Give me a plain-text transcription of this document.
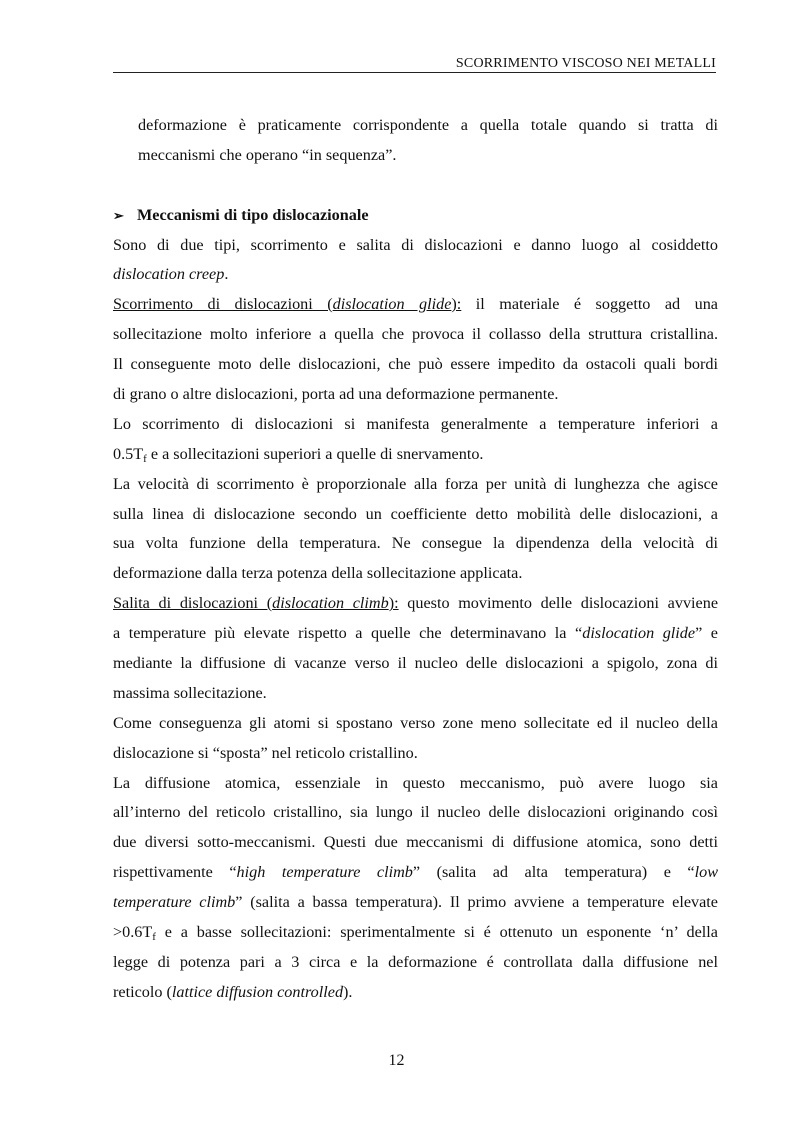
SCORRIMENTO VISCOSO NEI METALLI
deformazione è praticamente corrispondente a quella totale quando si tratta di
meccanismi che operano “in sequenza”.
➢ Meccanismi di tipo dislocazionale
Sono di due tipi, scorrimento e salita di dislocazioni e danno luogo al cosiddetto
dislocation creep.
Scorrimento di dislocazioni (dislocation glide): il materiale é soggetto ad una
sollecitazione molto inferiore a quella che provoca il collasso della struttura cristallina.
Il conseguente moto delle dislocazioni, che può essere impedito da ostacoli quali bordi
di grano o altre dislocazioni, porta ad una deformazione permanente.
Lo scorrimento di dislocazioni si manifesta generalmente a temperature inferiori a
$0.5T_f$ e a sollecitazioni superiori a quelle di snervamento.
La velocità di scorrimento è proporzionale alla forza per unità di lunghezza che agisce
sulla linea di dislocazione secondo un coefficiente detto mobilità delle dislocazioni, a
sua volta funzione della temperatura. Ne consegue la dipendenza della velocità di
deformazione dalla terza potenza della sollecitazione applicata.
Salita di dislocazioni (dislocation climb): questo movimento delle dislocazioni avviene
a temperature più elevate rispetto a quelle che determinavano la “dislocation glide” e
mediante la diffusione di vacanze verso il nucleo delle dislocazioni a spigolo, zona di
massima sollecitazione.
Come conseguenza gli atomi si spostano verso zone meno sollecitate ed il nucleo della
dislocazione si “sposta” nel reticolo cristallino.
La diffusione atomica, essenziale in questo meccanismo, può avere luogo sia
all’interno del reticolo cristallino, sia lungo il nucleo delle dislocazioni originando così
due diversi sotto-meccanismi. Questi due meccanismi di diffusione atomica, sono detti
rispettivamente “high temperature climb” (salita ad alta temperatura) e “low
temperature climb” (salita a bassa temperatura). Il primo avviene a temperature elevate
$>0.6T_f$ e a basse sollecitazioni: sperimentalmente si é ottenuto un esponente ‘n’ della
legge di potenza pari a 3 circa e la deformazione é controllata dalla diffusione nel
reticolo (lattice diffusion controlled).
12
